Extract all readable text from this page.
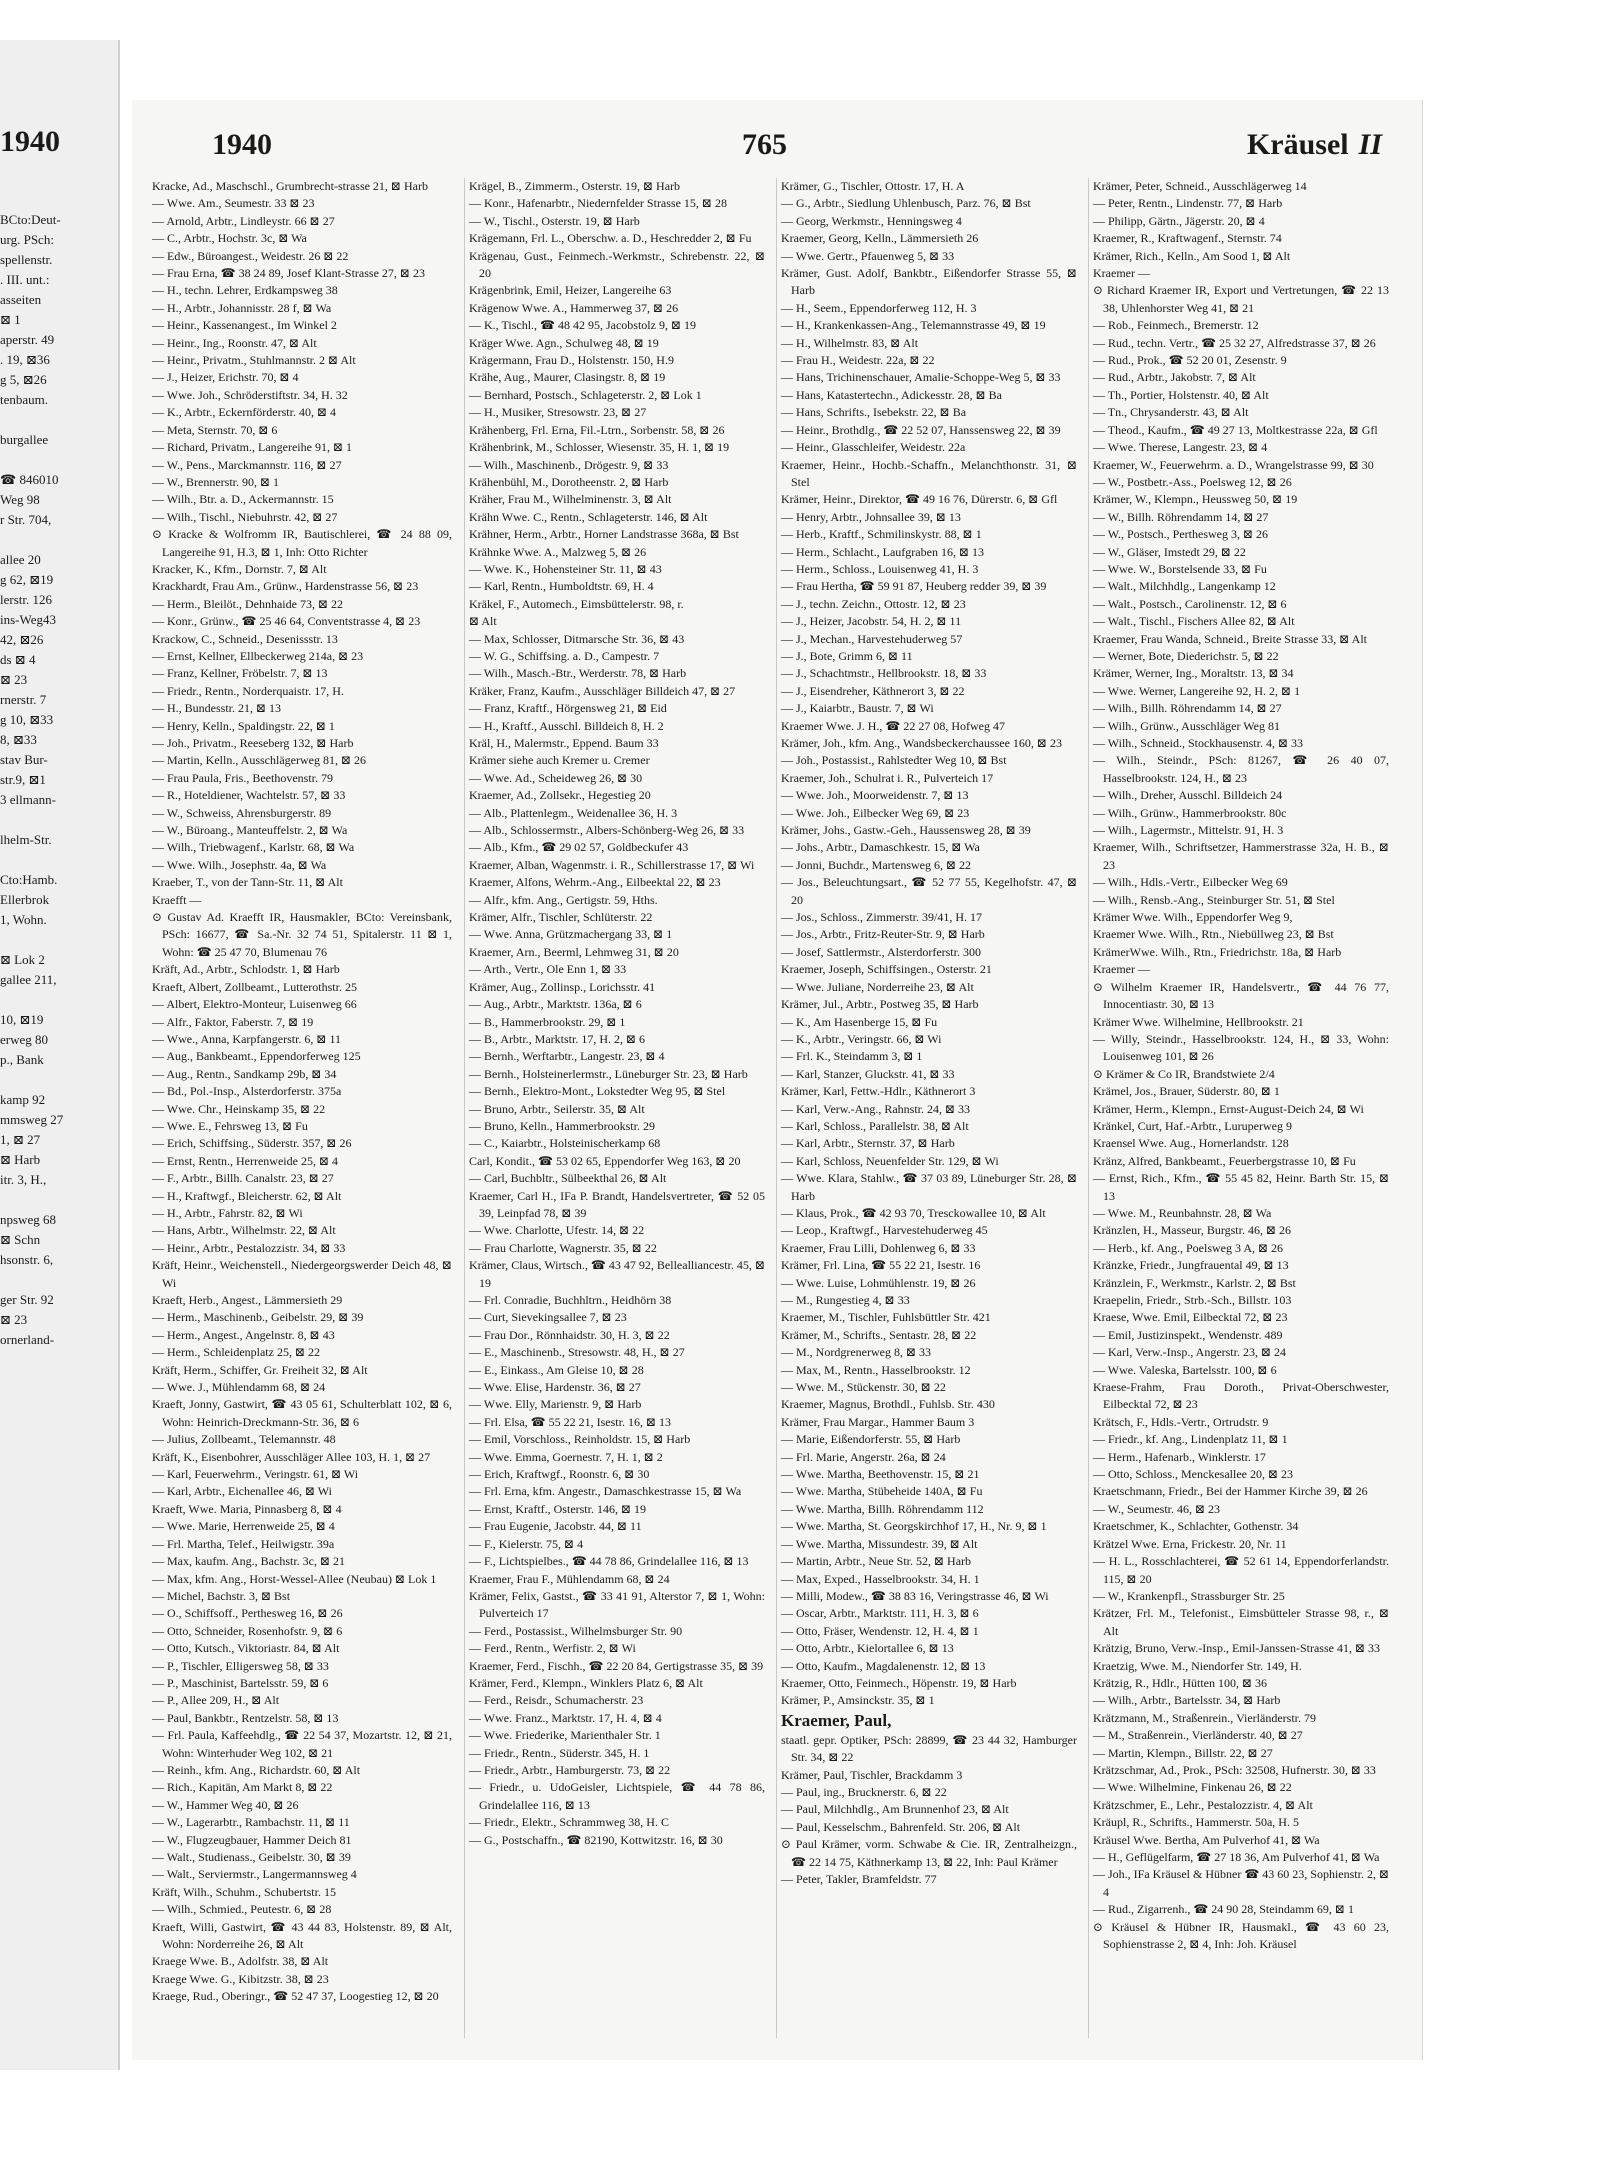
1940
BCto:Deut-
urg. PSch:
spellenstr.
. III. unt.:
asseiten
⊠ 1
aperstr. 49
. 19, ⊠36
g 5, ⊠26
tenbaum.
burgallee
☎ 846010
Weg 98
r Str. 704,
allee 20
g 62, ⊠19
lerstr. 126
ins-Weg43
42, ⊠26
ds ⊠ 4
⊠ 23
rnerstr. 7
g 10, ⊠33
8, ⊠33
stav Bur-
str.9, ⊠1
3 ellmann-
lhelm-Str.
Cto:Hamb.
Ellerbrok
1, Wohn.
⊠ Lok 2
gallee 211,
10, ⊠19
erweg 80
p., Bank
kamp 92
mmsweg 27
1, ⊠ 27
⊠ Harb
itr. 3, H.,
npsweg 68
⊠ Schn
hsonstr. 6,
ger Str. 92
⊠ 23
ornerland-
1940	765	Kräusel II

Kracke, Ad., Maschschl., Grumbrecht-strasse 21, ⊠ Harb

— Wwe. Am., Seumestr. 33 ⊠ 23

— Arnold, Arbtr., Lindleystr. 66 ⊠ 27

— C., Arbtr., Hochstr. 3c, ⊠ Wa

— Edw., Büroangest., Weidestr. 26 ⊠ 22

— Frau Erna, ☎ 38 24 89, Josef Klant-Strasse 27, ⊠ 23

— H., techn. Lehrer, Erdkampsweg 38

— H., Arbtr., Johannisstr. 28 f, ⊠ Wa

— Heinr., Kassenangest., Im Winkel 2

— Heinr., Ing., Roonstr. 47, ⊠ Alt

— Heinr., Privatm., Stuhlmannstr. 2 ⊠ Alt

— J., Heizer, Erichstr. 70, ⊠ 4

— Wwe. Joh., Schröderstiftstr. 34, H. 32

— K., Arbtr., Eckernförderstr. 40, ⊠ 4

— Meta, Sternstr. 70, ⊠ 6

— Richard, Privatm., Langereihe 91, ⊠ 1

— W., Pens., Marckmannstr. 116, ⊠ 27

— W., Brennerstr. 90, ⊠ 1

— Wilh., Btr. a. D., Ackermannstr. 15

— Wilh., Tischl., Niebuhrstr. 42, ⊠ 27

⊙ Kracke & Wolfromm IR, Bautischlerei, ☎ 24 88 09, Langereihe 91, H.3, ⊠ 1, Inh: Otto Richter

Kracker, K., Kfm., Dornstr. 7, ⊠ Alt

Krackhardt, Frau Am., Grünw., Hardenstrasse 56, ⊠ 23

— Herm., Bleilöt., Dehnhaide 73, ⊠ 22

— Konr., Grünw., ☎ 25 46 64, Conventstrasse 4, ⊠ 23

Krackow, C., Schneid., Desenissstr. 13

— Ernst, Kellner, Ellbeckerweg 214a, ⊠ 23

— Franz, Kellner, Fröbelstr. 7, ⊠ 13

— Friedr., Rentn., Norderquaistr. 17, H.

— H., Bundesstr. 21, ⊠ 13

— Henry, Kelln., Spaldingstr. 22, ⊠ 1

— Joh., Privatm., Reeseberg 132, ⊠ Harb

— Martin, Kelln., Ausschlägerweg 81, ⊠ 26

— Frau Paula, Fris., Beethovenstr. 79

— R., Hoteldiener, Wachtelstr. 57, ⊠ 33

— W., Schweiss, Ahrensburgerstr. 89

— W., Büroang., Manteuffelstr. 2, ⊠ Wa

— Wilh., Triebwagenf., Karlstr. 68, ⊠ Wa

— Wwe. Wilh., Josephstr. 4a, ⊠ Wa

Kraeber, T., von der Tann-Str. 11, ⊠ Alt

Kraefft —

⊙ Gustav Ad. Kraefft IR, Hausmakler, BCto: Vereinsbank, PSch: 16677, ☎ Sa.-Nr. 32 74 51, Spitalerstr. 11 ⊠ 1, Wohn: ☎ 25 47 70, Blumenau 76

Kräft, Ad., Arbtr., Schlodstr. 1, ⊠ Harb

Kraeft, Albert, Zollbeamt., Lutterothstr. 25

— Albert, Elektro-Monteur, Luisenweg 66

— Alfr., Faktor, Faberstr. 7, ⊠ 19

— Wwe., Anna, Karpfangerstr. 6, ⊠ 11

— Aug., Bankbeamt., Eppendorferweg 125

— Aug., Rentn., Sandkamp 29b, ⊠ 34

— Bd., Pol.-Insp., Alsterdorferstr. 375a

— Wwe. Chr., Heinskamp 35, ⊠ 22

— Wwe. E., Fehrsweg 13, ⊠ Fu

— Erich, Schiffsing., Süderstr. 357, ⊠ 26

— Ernst, Rentn., Herrenweide 25, ⊠ 4

— F., Arbtr., Billh. Canalstr. 23, ⊠ 27

— H., Kraftwgf., Bleicherstr. 62, ⊠ Alt

— H., Arbtr., Fahrstr. 82, ⊠ Wi

— Hans, Arbtr., Wilhelmstr. 22, ⊠ Alt

— Heinr., Arbtr., Pestalozzistr. 34, ⊠ 33

Kräft, Heinr., Weichenstell., Niedergeorgswerder Deich 48, ⊠ Wi

Kraeft, Herb., Angest., Lämmersieth 29

— Herm., Maschinenb., Geibelstr. 29, ⊠ 39

— Herm., Angest., Angelnstr. 8, ⊠ 43

— Herm., Schleidenplatz 25, ⊠ 22

Kräft, Herm., Schiffer, Gr. Freiheit 32, ⊠ Alt

— Wwe. J., Mühlendamm 68, ⊠ 24

Kraeft, Jonny, Gastwirt, ☎ 43 05 61, Schulterblatt 102, ⊠ 6, Wohn: Heinrich-Dreckmann-Str. 36, ⊠ 6

— Julius, Zollbeamt., Telemannstr. 48

Kräft, K., Eisenbohrer, Ausschläger Allee 103, H. 1, ⊠ 27

— Karl, Feuerwehrm., Veringstr. 61, ⊠ Wi

— Karl, Arbtr., Eichenallee 46, ⊠ Wi

Kraeft, Wwe. Maria, Pinnasberg 8, ⊠ 4

— Wwe. Marie, Herrenweide 25, ⊠ 4

— Frl. Martha, Telef., Heilwigstr. 39a

— Max, kaufm. Ang., Bachstr. 3c, ⊠ 21

— Max, kfm. Ang., Horst-Wessel-Allee (Neubau) ⊠ Lok 1

— Michel, Bachstr. 3, ⊠ Bst

— O., Schiffsoff., Perthesweg 16, ⊠ 26

— Otto, Schneider, Rosenhofstr. 9, ⊠ 6

— Otto, Kutsch., Viktoriastr. 84, ⊠ Alt

— P., Tischler, Elligersweg 58, ⊠ 33

— P., Maschinist, Bartelsstr. 59, ⊠ 6

— P., Allee 209, H., ⊠ Alt

— Paul, Bankbtr., Rentzelstr. 58, ⊠ 13

— Frl. Paula, Kaffeehdlg., ☎ 22 54 37, Mozartstr. 12, ⊠ 21, Wohn: Winterhuder Weg 102, ⊠ 21

— Reinh., kfm. Ang., Richardstr. 60, ⊠ Alt

— Rich., Kapitän, Am Markt 8, ⊠ 22

— W., Hammer Weg 40, ⊠ 26

— W., Lagerarbtr., Rambachstr. 11, ⊠ 11

— W., Flugzeugbauer, Hammer Deich 81

— Walt., Studienass., Geibelstr. 30, ⊠ 39

— Walt., Serviermstr., Langermannsweg 4

Kräft, Wilh., Schuhm., Schubertstr. 15

— Wilh., Schmied., Peutestr. 6, ⊠ 28

Kraeft, Willi, Gastwirt, ☎ 43 44 83, Holstenstr. 89, ⊠ Alt, Wohn: Norderreihe 26, ⊠ Alt

Kraege Wwe. B., Adolfstr. 38, ⊠ Alt

Kraege Wwe. G., Kibitzstr. 38, ⊠ 23

Kraege, Rud., Oberingr., ☎ 52 47 37, Loogestieg 12, ⊠ 20

Krägel, B., Zimmerm., Osterstr. 19, ⊠ Harb

— Konr., Hafenarbtr., Niedernfelder Strasse 15, ⊠ 28

— W., Tischl., Osterstr. 19, ⊠ Harb

Krägemann, Frl. L., Oberschw. a. D., Heschredder 2, ⊠ Fu

Krägenau, Gust., Feinmech.-Werkmstr., Schrebenstr. 22, ⊠ 20

Krägenbrink, Emil, Heizer, Langereihe 63

Krägenow Wwe. A., Hammerweg 37, ⊠ 26

— K., Tischl., ☎ 48 42 95, Jacobstolz 9, ⊠ 19

Kräger Wwe. Agn., Schulweg 48, ⊠ 19

Krägermann, Frau D., Holstenstr. 150, H.9

Krähe, Aug., Maurer, Clasingstr. 8, ⊠ 19

— Bernhard, Postsch., Schlageterstr. 2, ⊠ Lok 1

— H., Musiker, Stresowstr. 23, ⊠ 27

Krähenberg, Frl. Erna, Fil.-Ltrn., Sorbenstr. 58, ⊠ 26

Krähenbrink, M., Schlosser, Wiesenstr. 35, H. 1, ⊠ 19

— Wilh., Maschinenb., Drögestr. 9, ⊠ 33

Krähenbühl, M., Dorotheenstr. 2, ⊠ Harb

Kräher, Frau M., Wilhelminenstr. 3, ⊠ Alt

Krähn Wwe. C., Rentn., Schlageterstr. 146, ⊠ Alt

Krähner, Herm., Arbtr., Horner Landstrasse 368a, ⊠ Bst

Krähnke Wwe. A., Malzweg 5, ⊠ 26

— Wwe. K., Hohensteiner Str. 11, ⊠ 43

— Karl, Rentn., Humboldtstr. 69, H. 4

Kräkel, F., Automech., Eimsbüttelerstr. 98, r.

⊠ Alt

— Max, Schlosser, Ditmarsche Str. 36, ⊠ 43

— W. G., Schiffsing. a. D., Campestr. 7

— Wilh., Masch.-Btr., Werderstr. 78, ⊠ Harb

Kräker, Franz, Kaufm., Ausschläger Billdeich 47, ⊠ 27

— Franz, Kraftf., Hörgensweg 21, ⊠ Eid

— H., Kraftf., Ausschl. Billdeich 8, H. 2

Kräl, H., Malermstr., Eppend. Baum 33

Krämer siehe auch Kremer u. Cremer

— Wwe. Ad., Scheideweg 26, ⊠ 30

Kraemer, Ad., Zollsekr., Hegestieg 20

— Alb., Plattenlegm., Weidenallee 36, H. 3

— Alb., Schlossermstr., Albers-Schönberg-Weg 26, ⊠ 33

— Alb., Kfm., ☎ 29 02 57, Goldbeckufer 43

Kraemer, Alban, Wagenmstr. i. R., Schillerstrasse 17, ⊠ Wi

Kraemer, Alfons, Wehrm.-Ang., Eilbeektal 22, ⊠ 23

— Alfr., kfm. Ang., Gertigstr. 59, Hths.

Krämer, Alfr., Tischler, Schlüterstr. 22

— Wwe. Anna, Grützmachergang 33, ⊠ 1

Kraemer, Arn., Beerml, Lehmweg 31, ⊠ 20

— Arth., Vertr., Ole Enn 1, ⊠ 33

Krämer, Aug., Zollinsp., Lorichsstr. 41

— Aug., Arbtr., Marktstr. 136a, ⊠ 6

— B., Hammerbrookstr. 29, ⊠ 1

— B., Arbtr., Marktstr. 17, H. 2, ⊠ 6

— Bernh., Werftarbtr., Langestr. 23, ⊠ 4

— Bernh., Holsteinerlermstr., Lüneburger Str. 23, ⊠ Harb

— Bernh., Elektro-Mont., Lokstedter Weg 95, ⊠ Stel

— Bruno, Arbtr., Seilerstr. 35, ⊠ Alt

— Bruno, Kelln., Hammerbrookstr. 29

— C., Kaiarbtr., Holsteinischerkamp 68

Carl, Kondit., ☎ 53 02 65, Eppendorfer Weg 163, ⊠ 20

— Carl, Buchbltr., Sülbeekthal 26, ⊠ Alt

Kraemer, Carl H., IFa P. Brandt, Handelsvertreter, ☎ 52 05 39, Leinpfad 78, ⊠ 39

— Wwe. Charlotte, Ufestr. 14, ⊠ 22

— Frau Charlotte, Wagnerstr. 35, ⊠ 22

Krämer, Claus, Wirtsch., ☎ 43 47 92, Bellealliancestr. 45, ⊠ 19

— Frl. Conradie, Buchhltrn., Heidhörn 38

— Curt, Sievekingsallee 7, ⊠ 23

— Frau Dor., Rönnhaidstr. 30, H. 3, ⊠ 22

— E., Maschinenb., Stresowstr. 48, H., ⊠ 27

— E., Einkass., Am Gleise 10, ⊠ 28

— Wwe. Elise, Hardenstr. 36, ⊠ 27

— Wwe. Elly, Marienstr. 9, ⊠ Harb

— Frl. Elsa, ☎ 55 22 21, Isestr. 16, ⊠ 13

— Emil, Vorschloss., Reinholdstr. 15, ⊠ Harb

— Wwe. Emma, Goernestr. 7, H. 1, ⊠ 2

— Erich, Kraftwgf., Roonstr. 6, ⊠ 30

— Frl. Erna, kfm. Angestr., Damaschkestrasse 15, ⊠ Wa

— Ernst, Kraftf., Osterstr. 146, ⊠ 19

— Frau Eugenie, Jacobstr. 44, ⊠ 11

— F., Kielerstr. 75, ⊠ 4

— F., Lichtspielbes., ☎ 44 78 86, Grindelallee 116, ⊠ 13

Kraemer, Frau F., Mühlendamm 68, ⊠ 24

Krämer, Felix, Gastst., ☎ 33 41 91, Alterstor 7, ⊠ 1, Wohn: Pulverteich 17

— Ferd., Postassist., Wilhelmsburger Str. 90

— Ferd., Rentn., Werfistr. 2, ⊠ Wi

Kraemer, Ferd., Fischh., ☎ 22 20 84, Gertigstrasse 35, ⊠ 39

Krämer, Ferd., Klempn., Winklers Platz 6, ⊠ Alt

— Ferd., Reisdr., Schumacherstr. 23

— Wwe. Franz., Marktstr. 17, H. 4, ⊠ 4

— Wwe. Friederike, Marienthaler Str. 1

— Friedr., Rentn., Süderstr. 345, H. 1

— Friedr., Arbtr., Hamburgerstr. 73, ⊠ 22

— Friedr., u. UdoGeisler, Lichtspiele, ☎ 44 78 86, Grindelallee 116, ⊠ 13

— Friedr., Elektr., Schrammweg 38, H. C

— G., Postschaffn., ☎ 82190, Kottwitzstr. 16, ⊠ 30

Krämer, G., Tischler, Ottostr. 17, H. A

— G., Arbtr., Siedlung Uhlenbusch, Parz. 76, ⊠ Bst

— Georg, Werkmstr., Henningsweg 4

Kraemer, Georg, Kelln., Lämmersieth 26

— Wwe. Gertr., Pfauenweg 5, ⊠ 33

Krämer, Gust. Adolf, Bankbtr., Eißendorfer Strasse 55, ⊠ Harb

— H., Seem., Eppendorferweg 112, H. 3

— H., Krankenkassen-Ang., Telemannstrasse 49, ⊠ 19

— H., Wilhelmstr. 83, ⊠ Alt

— Frau H., Weidestr. 22a, ⊠ 22

— Hans, Trichinenschauer, Amalie-Schoppe-Weg 5, ⊠ 33

— Hans, Katastertechn., Adickesstr. 28, ⊠ Ba

— Hans, Schrifts., Isebekstr. 22, ⊠ Ba

— Heinr., Brothdlg., ☎ 22 52 07, Hanssensweg 22, ⊠ 39

— Heinr., Glasschleifer, Weidestr. 22a

Kraemer, Heinr., Hochb.-Schaffn., Melanchthonstr. 31, ⊠ Stel

Krämer, Heinr., Direktor, ☎ 49 16 76, Dürerstr. 6, ⊠ Gfl

— Henry, Arbtr., Johnsallee 39, ⊠ 13

— Herb., Kraftf., Schmilinskystr. 88, ⊠ 1

— Herm., Schlacht., Laufgraben 16, ⊠ 13

— Herm., Schloss., Louisenweg 41, H. 3

— Frau Hertha, ☎ 59 91 87, Heuberg redder 39, ⊠ 39

— J., techn. Zeichn., Ottostr. 12, ⊠ 23

— J., Heizer, Jacobstr. 54, H. 2, ⊠ 11

— J., Mechan., Harvestehuderweg 57

— J., Bote, Grimm 6, ⊠ 11

— J., Schachtmstr., Hellbrookstr. 18, ⊠ 33

— J., Eisendreher, Käthnerort 3, ⊠ 22

— J., Kaiarbtr., Baustr. 7, ⊠ Wi

Kraemer Wwe. J. H., ☎ 22 27 08, Hofweg 47

Krämer, Joh., kfm. Ang., Wandsbeckerchaussee 160, ⊠ 23

— Joh., Postassist., Rahlstedter Weg 10, ⊠ Bst

Kraemer, Joh., Schulrat i. R., Pulverteich 17

— Wwe. Joh., Moorweidenstr. 7, ⊠ 13

— Wwe. Joh., Eilbecker Weg 69, ⊠ 23

Krämer, Johs., Gastw.-Geh., Haussensweg 28, ⊠ 39

— Johs., Arbtr., Damaschkestr. 15, ⊠ Wa

— Jonni, Buchdr., Martensweg 6, ⊠ 22

— Jos., Beleuchtungsart., ☎ 52 77 55, Kegelhofstr. 47, ⊠ 20

— Jos., Schloss., Zimmerstr. 39/41, H. 17

— Jos., Arbtr., Fritz-Reuter-Str. 9, ⊠ Harb

— Josef, Sattlermstr., Alsterdorferstr. 300

Kraemer, Joseph, Schiffsingen., Osterstr. 21

— Wwe. Juliane, Norderreihe 23, ⊠ Alt

Krämer, Jul., Arbtr., Postweg 35, ⊠ Harb

— K., Am Hasenberge 15, ⊠ Fu

— K., Arbtr., Veringstr. 66, ⊠ Wi

— Frl. K., Steindamm 3, ⊠ 1

— Karl, Stanzer, Gluckstr. 41, ⊠ 33

Krämer, Karl, Fettw.-Hdlr., Käthnerort 3

— Karl, Verw.-Ang., Rahnstr. 24, ⊠ 33

— Karl, Schloss., Parallelstr. 38, ⊠ Alt

— Karl, Arbtr., Sternstr. 37, ⊠ Harb

— Karl, Schloss, Neuenfelder Str. 129, ⊠ Wi

— Wwe. Klara, Stahlw., ☎ 37 03 89, Lüneburger Str. 28, ⊠ Harb

— Klaus, Prok., ☎ 42 93 70, Tresckowallee 10, ⊠ Alt

— Leop., Kraftwgf., Harvestehuderweg 45

Kraemer, Frau Lilli, Dohlenweg 6, ⊠ 33

Krämer, Frl. Lina, ☎ 55 22 21, Isestr. 16

— Wwe. Luise, Lohmühlenstr. 19, ⊠ 26

— M., Rungestieg 4, ⊠ 33

Kraemer, M., Tischler, Fuhlsbüttler Str. 421

Krämer, M., Schrifts., Sentastr. 28, ⊠ 22

— M., Nordgrenerweg 8, ⊠ 33

— Max, M., Rentn., Hasselbrookstr. 12

— Wwe. M., Stückenstr. 30, ⊠ 22

Kraemer, Magnus, Brothdl., Fuhlsb. Str. 430

Krämer, Frau Margar., Hammer Baum 3

— Marie, Eißendorferstr. 55, ⊠ Harb

— Frl. Marie, Angerstr. 26a, ⊠ 24

— Wwe. Martha, Beethovenstr. 15, ⊠ 21

— Wwe. Martha, Stübeheide 140A, ⊠ Fu

— Wwe. Martha, Billh. Röhrendamm 112

— Wwe. Martha, St. Georgskirchhof 17, H., Nr. 9, ⊠ 1

— Wwe. Martha, Missundestr. 39, ⊠ Alt

— Martin, Arbtr., Neue Str. 52, ⊠ Harb

— Max, Exped., Hasselbrookstr. 34, H. 1

— Milli, Modew., ☎ 38 83 16, Veringstrasse 46, ⊠ Wi

— Oscar, Arbtr., Marktstr. 111, H. 3, ⊠ 6

— Otto, Fräser, Wendenstr. 12, H. 4, ⊠ 1

— Otto, Arbtr., Kielortallee 6, ⊠ 13

— Otto, Kaufm., Magdalenenstr. 12, ⊠ 13

Kraemer, Otto, Feinmech., Höpenstr. 19, ⊠ Harb

Krämer, P., Amsinckstr. 35, ⊠ 1

Kraemer, Paul,

staatl. gepr. Optiker, PSch: 28899, ☎ 23 44 32, Hamburger Str. 34, ⊠ 22

Krämer, Paul, Tischler, Brackdamm 3

— Paul, ing., Brucknerstr. 6, ⊠ 22

— Paul, Milchhdlg., Am Brunnenhof 23, ⊠ Alt

— Paul, Kesselschm., Bahrenfeld. Str. 206, ⊠ Alt

⊙ Paul Krämer, vorm. Schwabe & Cie. IR, Zentralheizgn., ☎ 22 14 75, Käthnerkamp 13, ⊠ 22, Inh: Paul Krämer

— Peter, Takler, Bramfeldstr. 77

Krämer, Peter, Schneid., Ausschlägerweg 14

— Peter, Rentn., Lindenstr. 77, ⊠ Harb

— Philipp, Gärtn., Jägerstr. 20, ⊠ 4

Kraemer, R., Kraftwagenf., Sternstr. 74

Krämer, Rich., Kelln., Am Sood 1, ⊠ Alt

Kraemer —

⊙ Richard Kraemer IR, Export und Vertretungen, ☎ 22 13 38, Uhlenhorster Weg 41, ⊠ 21

— Rob., Feinmech., Bremerstr. 12

— Rud., techn. Vertr., ☎ 25 32 27, Alfredstrasse 37, ⊠ 26

— Rud., Prok., ☎ 52 20 01, Zesenstr. 9

— Rud., Arbtr., Jakobstr. 7, ⊠ Alt

— Th., Portier, Holstenstr. 40, ⊠ Alt

— Tn., Chrysanderstr. 43, ⊠ Alt

— Theod., Kaufm., ☎ 49 27 13, Moltkestrasse 22a, ⊠ Gfl

— Wwe. Therese, Langestr. 23, ⊠ 4

Kraemer, W., Feuerwehrm. a. D., Wrangelstrasse 99, ⊠ 30

— W., Postbetr.-Ass., Poelsweg 12, ⊠ 26

Krämer, W., Klempn., Heussweg 50, ⊠ 19

— W., Billh. Röhrendamm 14, ⊠ 27

— W., Postsch., Perthesweg 3, ⊠ 26

— W., Gläser, Imstedt 29, ⊠ 22

— Wwe. W., Borstelsende 33, ⊠ Fu

— Walt., Milchhdlg., Langenkamp 12

— Walt., Postsch., Carolinenstr. 12, ⊠ 6

— Walt., Tischl., Fischers Allee 82, ⊠ Alt

Kraemer, Frau Wanda, Schneid., Breite Strasse 33, ⊠ Alt

— Werner, Bote, Diederichstr. 5, ⊠ 22

Krämer, Werner, Ing., Moraltstr. 13, ⊠ 34

— Wwe. Werner, Langereihe 92, H. 2, ⊠ 1

— Wilh., Billh. Röhrendamm 14, ⊠ 27

— Wilh., Grünw., Ausschläger Weg 81

— Wilh., Schneid., Stockhausenstr. 4, ⊠ 33

— Wilh., Steindr., PSch: 81267, ☎ 26 40 07, Hasselbrookstr. 124, H., ⊠ 23

— Wilh., Dreher, Ausschl. Billdeich 24

— Wilh., Grünw., Hammerbrookstr. 80c

— Wilh., Lagermstr., Mittelstr. 91, H. 3

Kraemer, Wilh., Schriftsetzer, Hammerstrasse 32a, H. B., ⊠ 23

— Wilh., Hdls.-Vertr., Eilbecker Weg 69

— Wilh., Rensb.-Ang., Steinburger Str. 51, ⊠ Stel

Krämer Wwe. Wilh., Eppendorfer Weg 9,

Kraemer Wwe. Wilh., Rtn., Niebüllweg 23, ⊠ Bst

KrämerWwe. Wilh., Rtn., Friedrichstr. 18a, ⊠ Harb

Kraemer —

⊙ Wilhelm Kraemer IR, Handelsvertr., ☎ 44 76 77, Innocentiastr. 30, ⊠ 13

Krämer Wwe. Wilhelmine, Hellbrookstr. 21

— Willy, Steindr., Hasselbrookstr. 124, H., ⊠ 33, Wohn: Louisenweg 101, ⊠ 26

⊙ Krämer & Co IR, Brandstwiete 2/4

Krämel, Jos., Brauer, Süderstr. 80, ⊠ 1

Krämer, Herm., Klempn., Ernst-August-Deich 24, ⊠ Wi

Kränkel, Curt, Haf.-Arbtr., Luruperweg 9

Kraensel Wwe. Aug., Hornerlandstr. 128

Kränz, Alfred, Bankbeamt., Feuerbergstrasse 10, ⊠ Fu

— Ernst, Rich., Kfm., ☎ 55 45 82, Heinr. Barth Str. 15, ⊠ 13

— Wwe. M., Reunbahnstr. 28, ⊠ Wa

Kränzlen, H., Masseur, Burgstr. 46, ⊠ 26

— Herb., kf. Ang., Poelsweg 3 A, ⊠ 26

Kränzke, Friedr., Jungfrauental 49, ⊠ 13

Kränzlein, F., Werkmstr., Karlstr. 2, ⊠ Bst

Kraepelin, Friedr., Strb.-Sch., Billstr. 103

Kraese, Wwe. Emil, Eilbecktal 72, ⊠ 23

— Emil, Justizinspekt., Wendenstr. 489

— Karl, Verw.-Insp., Angerstr. 23, ⊠ 24

— Wwe. Valeska, Bartelsstr. 100, ⊠ 6

Kraese-Frahm, Frau Doroth., Privat-Oberschwester, Eilbecktal 72, ⊠ 23

Krätsch, F., Hdls.-Vertr., Ortrudstr. 9

— Friedr., kf. Ang., Lindenplatz 11, ⊠ 1

— Herm., Hafenarb., Winklerstr. 17

— Otto, Schloss., Menckesallee 20, ⊠ 23

Kraetschmann, Friedr., Bei der Hammer Kirche 39, ⊠ 26

— W., Seumestr. 46, ⊠ 23

Kraetschmer, K., Schlachter, Gothenstr. 34

Krätzel Wwe. Erna, Frickestr. 20, Nr. 11

— H. L., Rosschlachterei, ☎ 52 61 14, Eppendorferlandstr. 115, ⊠ 20

— W., Krankenpfl., Strassburger Str. 25

Krätzer, Frl. M., Telefonist., Eimsbütteler Strasse 98, r., ⊠ Alt

Krätzig, Bruno, Verw.-Insp., Emil-Janssen-Strasse 41, ⊠ 33

Kraetzig, Wwe. M., Niendorfer Str. 149, H.

Krätzig, R., Hdlr., Hütten 100, ⊠ 36

— Wilh., Arbtr., Bartelsstr. 34, ⊠ Harb

Krätzmann, M., Straßenrein., Vierländerstr. 79

— M., Straßenrein., Vierländerstr. 40, ⊠ 27

— Martin, Klempn., Billstr. 22, ⊠ 27

Krätzschmar, Ad., Prok., PSch: 32508, Hufnerstr. 30, ⊠ 33

— Wwe. Wilhelmine, Finkenau 26, ⊠ 22

Krätzschmer, E., Lehr., Pestalozzistr. 4, ⊠ Alt

Kräupl, R., Schrifts., Hammerstr. 50a, H. 5

Kräusel Wwe. Bertha, Am Pulverhof 41, ⊠ Wa

— H., Geflügelfarm, ☎ 27 18 36, Am Pulverhof 41, ⊠ Wa

— Joh., IFa Kräusel & Hübner ☎ 43 60 23, Sophienstr. 2, ⊠ 4

— Rud., Zigarrenh., ☎ 24 90 28, Steindamm 69, ⊠ 1

⊙ Kräusel & Hübner IR, Hausmakl., ☎ 43 60 23, Sophienstrasse 2, ⊠ 4, Inh: Joh. Kräusel
